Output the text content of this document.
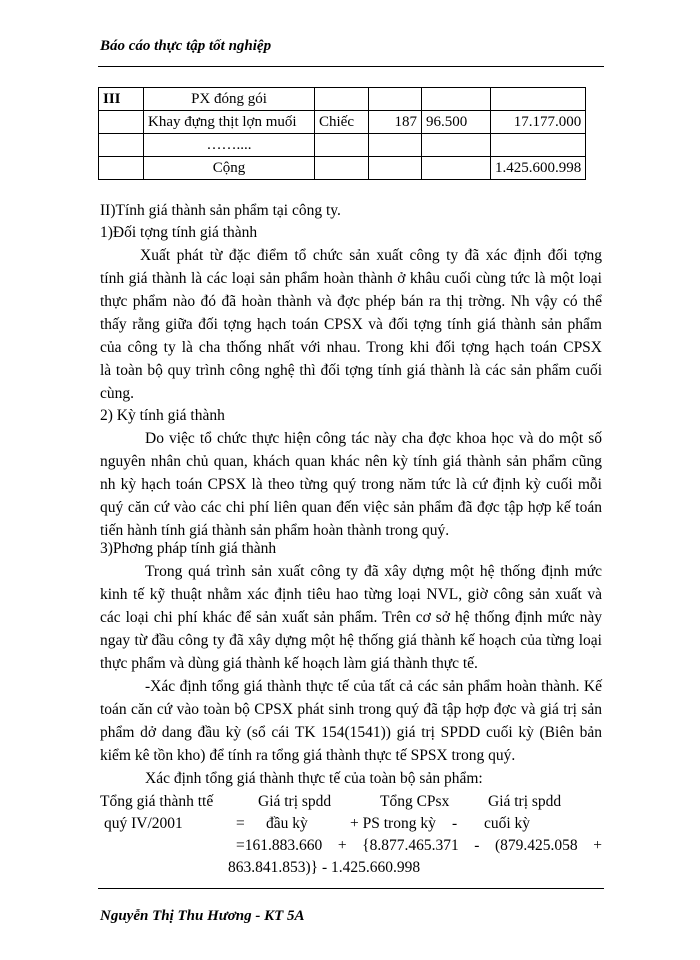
Báo cáo thực tập tốt nghiệp
III	PX đóng gói				
	Khay đựng thịt lợn muối	Chiếc	187	96.500	17.177.000
	……....				
	Cộng				1.425.600.998
II)Tính giá thành sản phẩm tại công ty.
1)Đối tợng tính giá thành
Xuất phát từ đặc điểm tổ chức sản xuất công ty đã xác định đối tợng
tính giá thành là các loại sản phẩm hoàn thành ở khâu cuối cùng tức là một loại
thực phẩm nào đó đã hoàn thành và đợc phép bán ra thị trờng. Nh vậy có thể
thấy rằng giữa đối tợng hạch toán CPSX và đối tợng tính giá thành sản phẩm
của công ty là cha thống nhất với nhau. Trong khi đối tợng hạch toán CPSX
là toàn bộ quy trình công nghệ thì đối tợng tính giá thành là các sản phẩm cuối
cùng.
2) Kỳ tính giá thành
Do việc tổ chức thực hiện công tác này cha đợc khoa học và do một số
nguyên nhân chủ quan, khách quan khác nên kỳ tính giá thành sản phẩm cũng
nh kỳ hạch toán CPSX là theo từng quý trong năm tức là cứ định kỳ cuối mỗi
quý căn cứ vào các chi phí liên quan đến việc sản phẩm đã đợc tập hợp kế toán
tiến hành tính giá thành sản phẩm hoàn thành trong quý.
3)Phơng pháp tính giá thành
Trong quá trình sản xuất công ty đã xây dựng một hệ thống định mức
kinh tế kỹ thuật nhằm xác định tiêu hao từng loại NVL, giờ công sản xuất và
các loại chi phí khác để sản xuất sản phẩm. Trên cơ sở hệ thống định mức này
ngay từ đầu công ty đã xây dựng một hệ thống giá thành kế hoạch của từng loại
thực phẩm và dùng giá thành kế hoạch làm giá thành thực tế.
-Xác định tổng giá thành thực tế của tất cả các sản phẩm hoàn thành. Kế
toán căn cứ vào toàn bộ CPSX phát sinh trong quý đã tập hợp đợc và giá trị sản
phẩm dở dang đầu kỳ (sổ cái TK 154(1541)) giá trị SPDD cuối kỳ (Biên bản
kiểm kê tồn kho) để tính ra tổng giá thành thực tế SPSX trong quý.
Xác định tổng giá thành thực tế của toàn bộ sản phẩm:
Tổng giá thành ttế	Giá trị spdd	Tổng CPsx Giá trị spdd
quý IV/2001	= đầu kỳ	+ PS trong kỳ - cuối kỳ
=161.883.660 + {8.877.465.371 - (879.425.058 +
863.841.853)} - 1.425.660.998
Nguyễn Thị Thu Hương - KT 5A
